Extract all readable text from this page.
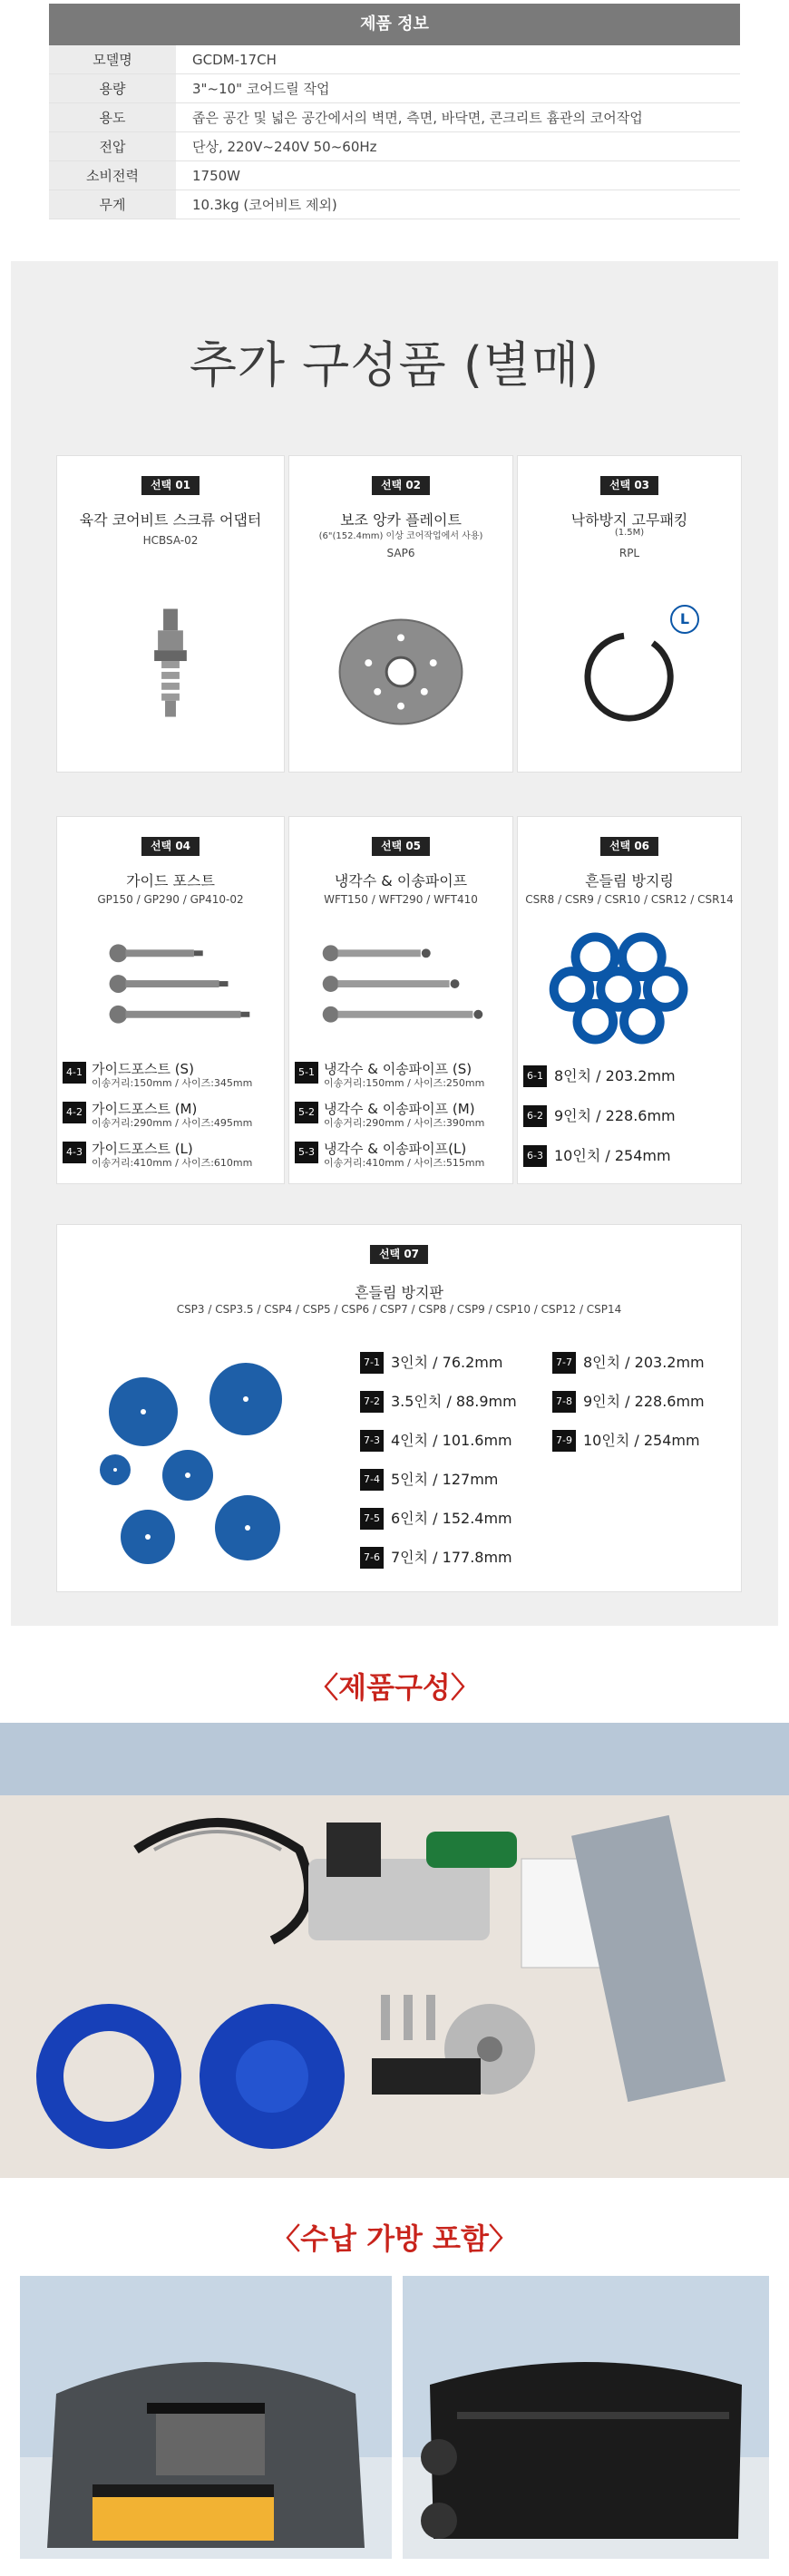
제품 정보
모델명	GCDM-17CH
용량	3"~10" 코어드릴 작업
용도	좁은 공간 및 넓은 공간에서의 벽면, 측면, 바닥면, 콘크리트 흄관의 코어작업
전압	단상, 220V~240V 50~60Hz
소비전력	1750W
무게	10.3kg (코어비트 제외)
추가 구성품 (별매)
선택 01
육각 코어비트 스크류 어댑터
HCBSA-02
선택 02
보조 앙카 플레이트
(6"(152.4mm) 이상 코어작업에서 사용)
SAP6
선택 03
낙하방지 고무패킹
(1.5M)
RPL
L
선택 04
가이드 포스트
GP150 / GP290 / GP410-02
4-1 가이드포스트 (S)
이송거리:150mm / 사이즈:345mm
4-2 가이드포스트 (M)
이송거리:290mm / 사이즈:495mm
4-3 가이드포스트 (L)
이송거리:410mm / 사이즈:610mm
선택 05
냉각수 & 이송파이프
WFT150 / WFT290 / WFT410
5-1 냉각수 & 이송파이프 (S)
이송거리:150mm / 사이즈:250mm
5-2 냉각수 & 이송파이프 (M)
이송거리:290mm / 사이즈:390mm
5-3 냉각수 & 이송파이프(L)
이송거리:410mm / 사이즈:515mm
선택 06
흔들림 방지링
CSR8 / CSR9 / CSR10 / CSR12 / CSR14
6-1 8인치 / 203.2mm
6-2 9인치 / 228.6mm
6-3 10인치 / 254mm
선택 07
흔들림 방지판
CSP3 / CSP3.5 / CSP4 / CSP5 / CSP6 / CSP7 / CSP8 / CSP9 / CSP10 / CSP12 / CSP14
7-1 3인치 / 76.2mm
7-2 3.5인치 / 88.9mm
7-3 4인치 / 101.6mm
7-4 5인치 / 127mm
7-5 6인치 / 152.4mm
7-6 7인치 / 177.8mm
7-7 8인치 / 203.2mm
7-8 9인치 / 228.6mm
7-9 10인치 / 254mm
〈제품구성〉
〈수납 가방 포함〉
